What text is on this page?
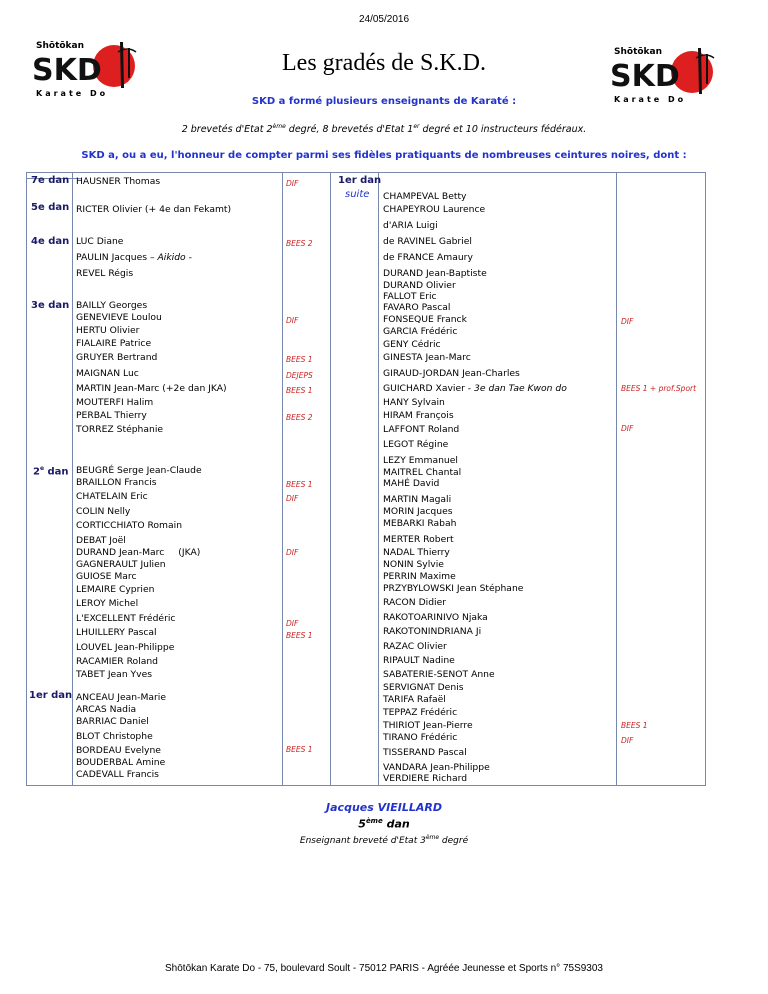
24/05/2016
Shōtōkan
SKD
Karate Do
Les gradés de S.K.D.	Shōtōkan
SKD
Karate Do
SKD a formé plusieurs enseignants de Karaté :
2 brevetés d'Etat 2ème degré, 8 brevetés d'Etat 1er degré et 10 instructeurs fédéraux.
SKD a, ou a eu, l'honneur de compter parmi ses fidèles pratiquants de nombreuses ceintures noires, dont :
7e dan
5e dan
4e dan
3e dan
2e dan
1er dan
HAUSNER Thomas
RICTER Olivier (+ 4e dan Fekamt)
LUC Diane
PAULIN Jacques – Aikido -
REVEL Régis
BAILLY Georges
GENEVIEVE Loulou
HERTU Olivier
FIALAIRE Patrice
GRUYER Bertrand
MAIGNAN Luc
MARTIN Jean-Marc (+2e dan JKA)
MOUTERFI Halim
PERBAL Thierry
TORREZ Stéphanie
BEUGRÉ Serge Jean-Claude
BRAILLON Francis
CHATELAIN Eric
COLIN Nelly
CORTICCHIATO Romain
DEBAT Joël
DURAND Jean-Marc (JKA)
GAGNERAULT Julien
GUIOSE Marc
LEMAIRE Cyprien
LEROY Michel
L'EXCELLENT Frédéric
LHUILLERY Pascal
LOUVEL Jean-Philippe
RACAMIER Roland
TABET Jean Yves
ANCEAU Jean-Marie
ARCAS Nadia
BARRIAC Daniel
BLOT Christophe
BORDEAU Evelyne
BOUDERBAL Amine
CADEVALL Francis
DIF
BEES 2
DIF
BEES 1
DEJEPS
BEES 1
BEES 2
BEES 1
DIF
DIF
DIF
BEES 1
BEES 1
1er dan
suite CHAMPEVAL Betty
CHAPEYROU Laurence
d'ARIA Luigi
de RAVINEL Gabriel
de FRANCE Amaury
DURAND Jean-Baptiste
DURAND Olivier
FALLOT Eric
FAVARO Pascal
FONSEQUE Franck
GARCIA Frédéric
GENY Cédric
GINESTA Jean-Marc
GIRAUD-JORDAN Jean-Charles
GUICHARD Xavier - 3e dan Tae Kwon do
HANY Sylvain
HIRAM François
LAFFONT Roland
LEGOT Régine
LEZY Emmanuel
MAITREL Chantal
MAHÉ David
MARTIN Magali
MORIN Jacques
MEBARKI Rabah
MERTER Robert
NADAL Thierry
NONIN Sylvie
PERRIN Maxime
PRZYBYLOWSKI Jean Stéphane
RACON Didier
RAKOTOARINIVO Njaka
RAKOTONINDRIANA Ji
RAZAC Olivier
RIPAULT Nadine
SABATERIE-SENOT Anne
SERVIGNAT Denis
TARIFA Rafaël
TEPPAZ Frédéric
THIRIOT Jean-Pierre
TIRANO Frédéric
TISSERAND Pascal
VANDARA Jean-Philippe
VERDIERE Richard
DIF
BEES 1 + prof.Sport
DIF
BEES 1
DIF
Jacques VIEILLARD
5ème dan
Enseignant breveté d'Etat 3ème degré
Shōtōkan Karate Do - 75, boulevard Soult - 75012 PARIS - Agréée Jeunesse et Sports n° 75S9303
